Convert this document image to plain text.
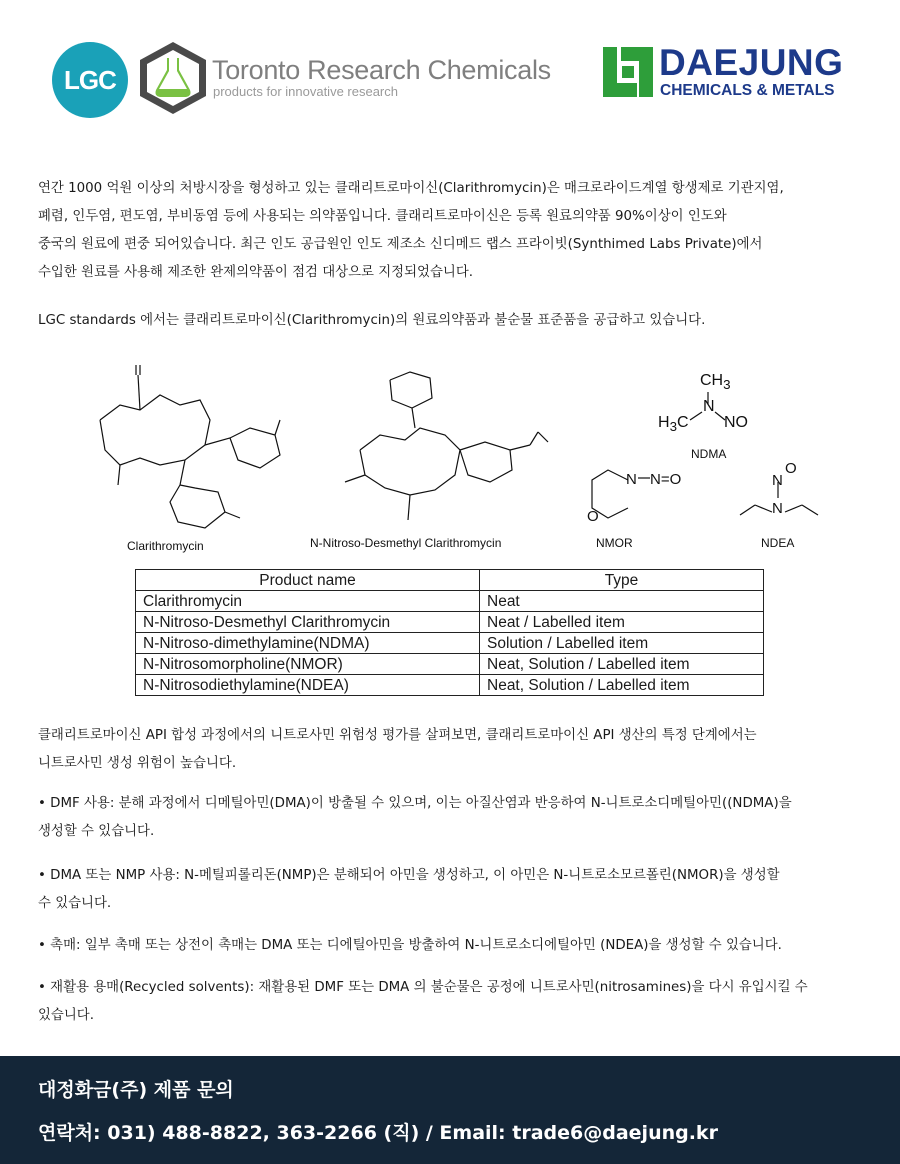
LGC	Toronto Research Chemicals
products for innovative research
DAEJUNG
CHEMICALS & METALS
연간 1000 억원 이상의 처방시장을 형성하고 있는 클래리트로마이신(Clarithromycin)은 매크로라이드계열 항생제로 기관지염,
폐렴, 인두염, 편도염, 부비동염 등에 사용되는 의약품입니다. 클래리트로마이신은 등록 원료의약품 90%이상이 인도와
중국의 원료에 편중 되어있습니다. 최근 인도 공급원인 인도 제조소 신디메드 랩스 프라이빗(Synthimed Labs Private)에서
수입한 원료를 사용해 제조한 완제의약품이 점검 대상으로 지정되었습니다.
LGC standards 에서는 클래리트로마이신(Clarithromycin)의 원료의약품과 불순물 표준품을 공급하고 있습니다.
$CH_3$
N
$H_3C$ NO
O
N N=O
O
N
N
Clarithromycin	N-Nitroso-Desmethyl Clarithromycin
NDMA
NMOR	NDEA
Product name	Type
Clarithromycin	Neat
N-Nitroso-Desmethyl Clarithromycin	Neat / Labelled item
N-Nitroso-dimethylamine(NDMA)	Solution / Labelled item
N-Nitrosomorpholine(NMOR)	Neat, Solution / Labelled item
N-Nitrosodiethylamine(NDEA)	Neat, Solution / Labelled item
클래리트로마이신 API 합성 과정에서의 니트로사민 위험성 평가를 살펴보면, 클래리트로마이신 API 생산의 특정 단계에서는
니트로사민 생성 위험이 높습니다.
• DMF 사용: 분해 과정에서 디메틸아민(DMA)이 방출될 수 있으며, 이는 아질산염과 반응하여 N-니트로소디메틸아민((NDMA)을
생성할 수 있습니다.
• DMA 또는 NMP 사용: N-메틸피롤리돈(NMP)은 분해되어 아민을 생성하고, 이 아민은 N-니트로소모르폴린(NMOR)을 생성할
수 있습니다.
• 촉매: 일부 촉매 또는 상전이 촉매는 DMA 또는 디에틸아민을 방출하여 N-니트로소디에틸아민 (NDEA)을 생성할 수 있습니다.
• 재활용 용매(Recycled solvents): 재활용된 DMF 또는 DMA 의 불순물은 공정에 니트로사민(nitrosamines)을 다시 유입시킬 수
있습니다.
대정화금(주) 제품 문의
연락처: 031) 488-8822, 363-2266 (직) / Email: trade6@daejung.kr
